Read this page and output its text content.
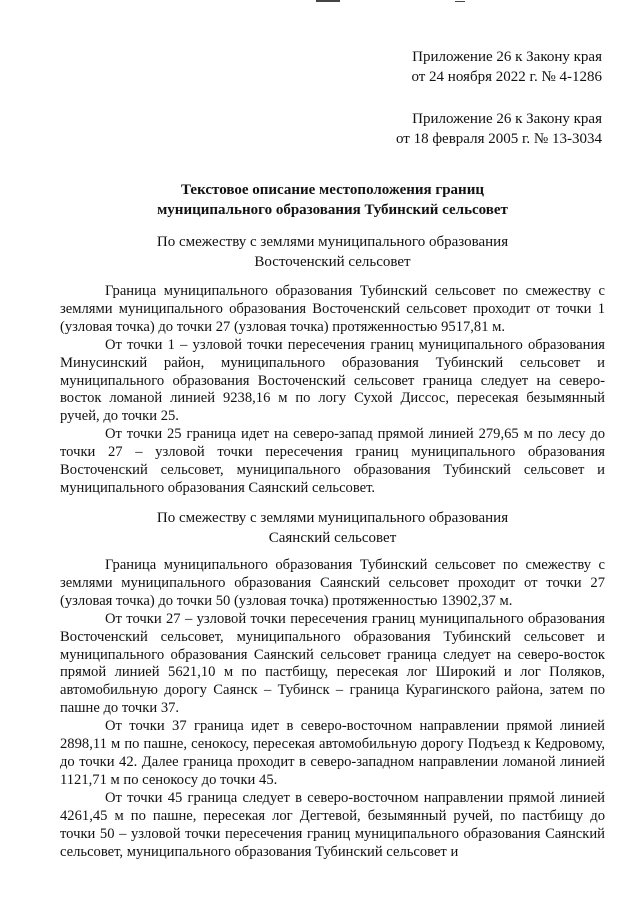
Приложение 26 к Закону края
от 24 ноября 2022 г. № 4-1286
Приложение 26 к Закону края
от 18 февраля 2005 г. № 13-3034
Текстовое описание местоположения границ
муниципального образования Тубинский сельсовет
По смежеству с землями муниципального образования
Восточенский сельсовет

Граница муниципального образования Тубинский сельсовет по смежеству с землями муниципального образования Восточенский сельсовет проходит от точки 1 (узловая точка) до точки 27 (узловая точка) протяженностью 9517,81 м.

От точки 1 – узловой точки пересечения границ муниципального образования Минусинский район, муниципального образования Тубинский сельсовет и муниципального образования Восточенский сельсовет граница следует на северо-восток ломаной линией 9238,16 м по логу Сухой Диссос, пересекая безымянный ручей, до точки 25.

От точки 25 граница идет на северо-запад прямой линией 279,65 м по лесу до точки 27 – узловой точки пересечения границ муниципального образования Восточенский сельсовет, муниципального образования Тубинский сельсовет и муниципального образования Саянский сельсовет.

По смежеству с землями муниципального образования
Саянский сельсовет

Граница муниципального образования Тубинский сельсовет по смежеству с землями муниципального образования Саянский сельсовет проходит от точки 27 (узловая точка) до точки 50 (узловая точка) протяженностью 13902,37 м.

От точки 27 – узловой точки пересечения границ муниципального образования Восточенский сельсовет, муниципального образования Тубинский сельсовет и муниципального образования Саянский сельсовет граница следует на северо-восток прямой линией 5621,10 м по пастбищу, пересекая лог Широкий и лог Поляков, автомобильную дорогу Саянск – Тубинск – граница Курагинского района, затем по пашне до точки 37.

От точки 37 граница идет в северо-восточном направлении прямой линией 2898,11 м по пашне, сенокосу, пересекая автомобильную дорогу Подъезд к Кедровому, до точки 42. Далее граница проходит в северо-западном направлении ломаной линией 1121,71 м по сенокосу до точки 45.

От точки 45 граница следует в северо-восточном направлении прямой линией 4261,45 м по пашне, пересекая лог Дегтевой, безымянный ручей, по пастбищу до точки 50 – узловой точки пересечения границ муниципального образования Саянский сельсовет, муниципального образования Тубинский сельсовет и
